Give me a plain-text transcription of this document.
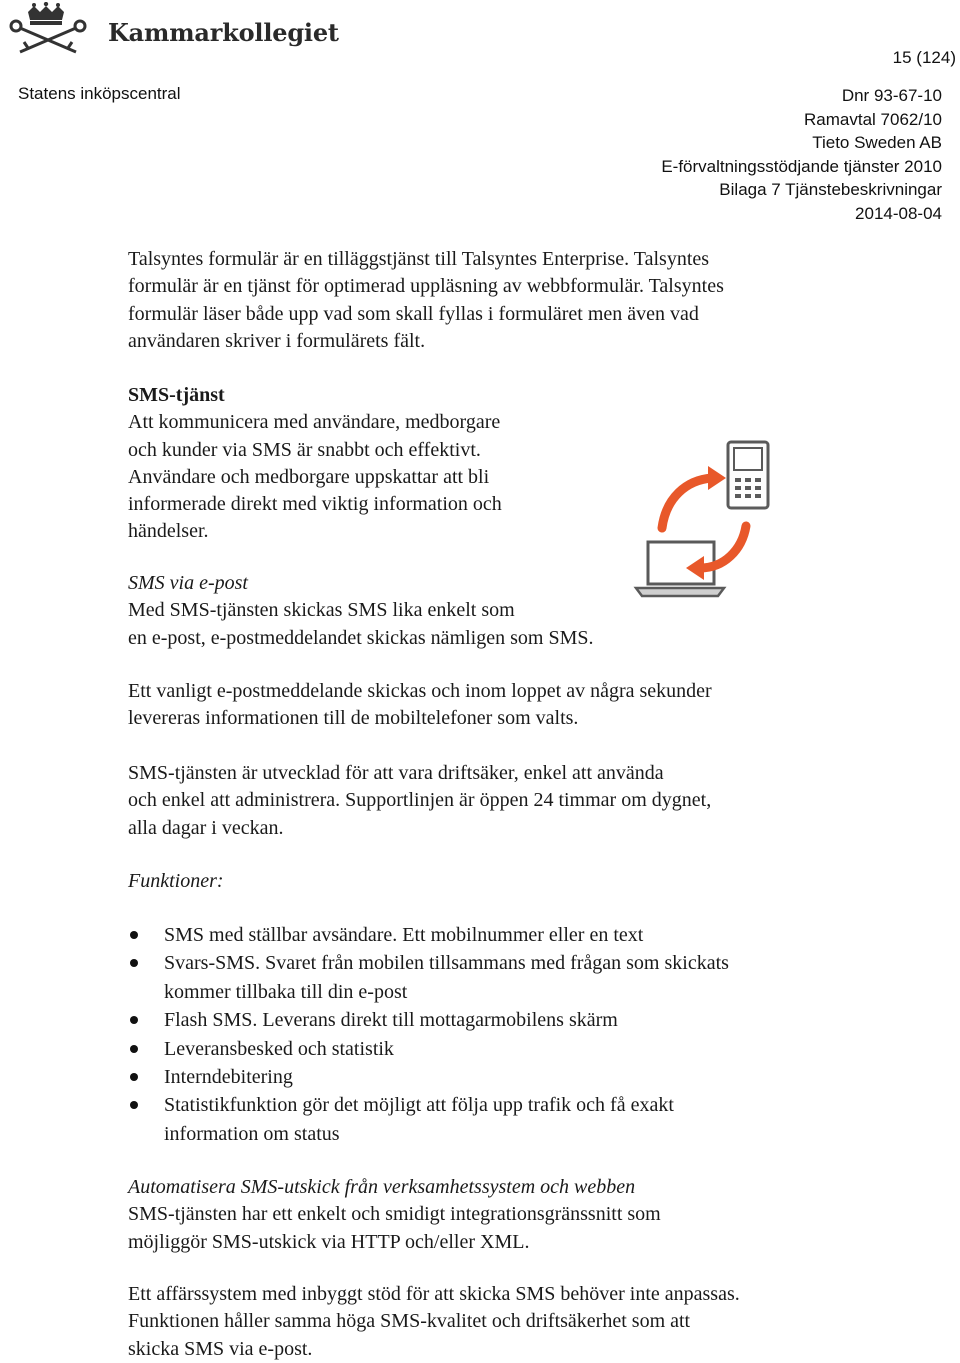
Kammarkollegiet
15 (124)
Statens inköpscentral	Dnr 93-67-10
Ramavtal 7062/10
Tieto Sweden AB
E-förvaltningsstödjande tjänster 2010
Bilaga 7 Tjänstebeskrivningar
2014-08-04
Talsyntes formulär är en tilläggstjänst till Talsyntes Enterprise. Talsyntes
formulär är en tjänst för optimerad uppläsning av webbformulär. Talsyntes
formulär läser både upp vad som skall fyllas i formuläret men även vad
användaren skriver i formulärets fält.
SMS-tjänst
Att kommunicera med användare, medborgare
och kunder via SMS är snabbt och effektivt.
Användare och medborgare uppskattar att bli
informerade direkt med viktig information och
händelser.
SMS via e-post
Med SMS-tjänsten skickas SMS lika enkelt som
en e-post, e-postmeddelandet skickas nämligen som SMS.
Ett vanligt e-postmeddelande skickas och inom loppet av några sekunder
levereras informationen till de mobiltelefoner som valts.
SMS-tjänsten är utvecklad för att vara driftsäker, enkel att använda
och enkel att administrera. Supportlinjen är öppen 24 timmar om dygnet,
alla dagar i veckan.
Funktioner:
SMS med ställbar avsändare. Ett mobilnummer eller en text
Svars-SMS. Svaret från mobilen tillsammans med frågan som skickats
kommer tillbaka till din e-post
Flash SMS. Leverans direkt till mottagarmobilens skärm
Leveransbesked och statistik
Interndebitering
Statistikfunktion gör det möjligt att följa upp trafik och få exakt
information om status
Automatisera SMS-utskick från verksamhetssystem och webben
SMS-tjänsten har ett enkelt och smidigt integrationsgränssnitt som
möjliggör SMS-utskick via HTTP och/eller XML.
Ett affärssystem med inbyggt stöd för att skicka SMS behöver inte anpassas.
Funktionen håller samma höga SMS-kvalitet och driftsäkerhet som att
skicka SMS via e-post.
